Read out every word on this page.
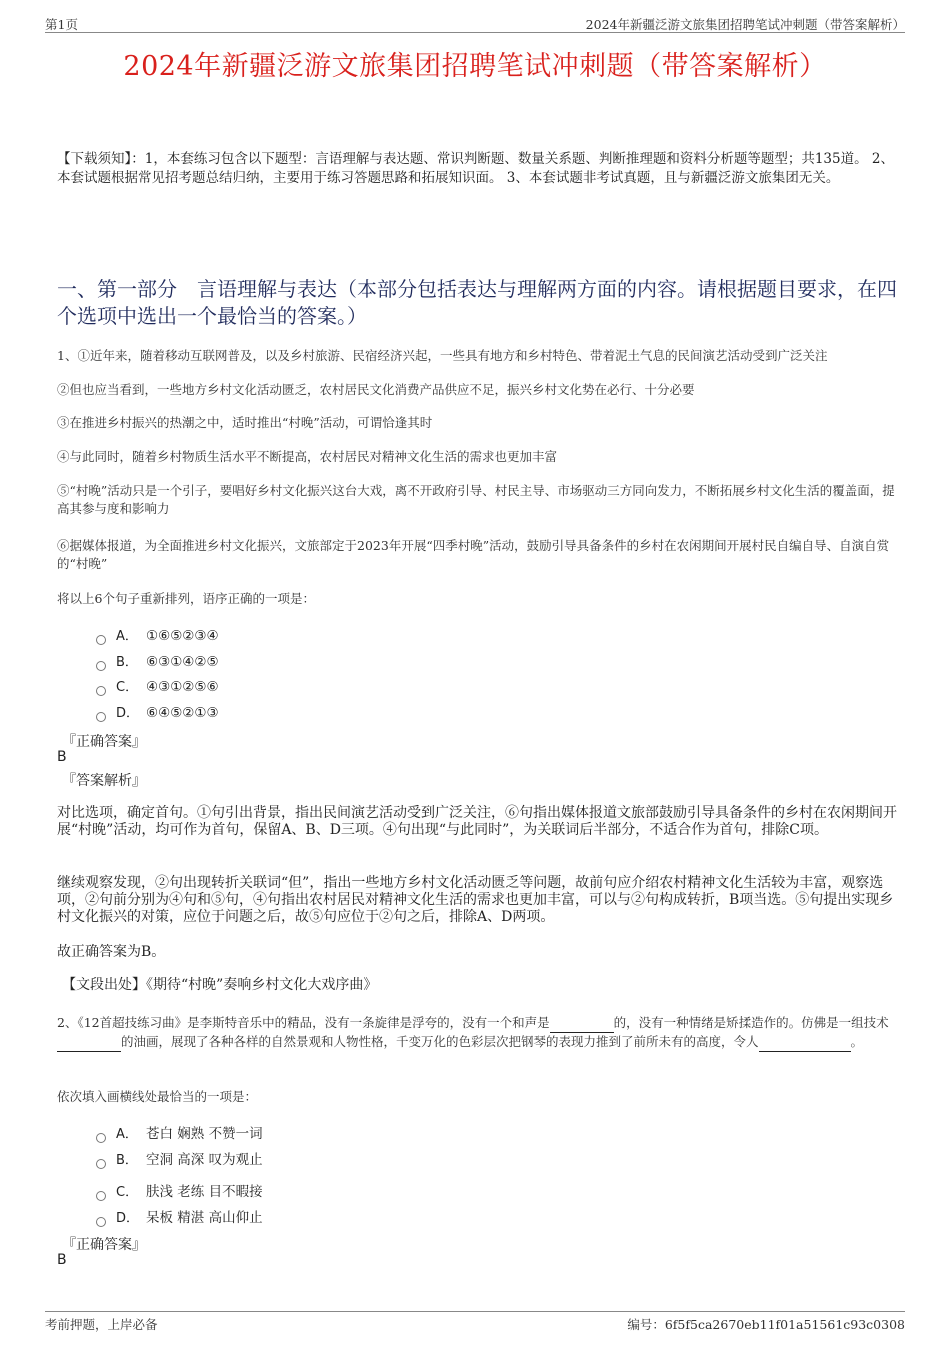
第1页	2024年新疆泛游文旅集团招聘笔试冲刺题（带答案解析）
2024年新疆泛游文旅集团招聘笔试冲刺题（带答案解析）
【下载须知】：1，本套练习包含以下题型：言语理解与表达题、常识判断题、数量关系题、判断推理题和资料分析题等题型；共135道。 2、本套试题根据常见招考题总结归纳，主要用于练习答题思路和拓展知识面。 3、本套试题非考试真题，且与新疆泛游文旅集团无关。
一、第一部分 言语理解与表达（本部分包括表达与理解两方面的内容。请根据题目要求，在四个选项中选出一个最恰当的答案。）
1、①近年来，随着移动互联网普及，以及乡村旅游、民宿经济兴起，一些具有地方和乡村特色、带着泥土气息的民间演艺活动受到广泛关注
②但也应当看到，一些地方乡村文化活动匮乏，农村居民文化消费产品供应不足，振兴乡村文化势在必行、十分必要
③在推进乡村振兴的热潮之中，适时推出“村晚”活动，可谓恰逢其时
④与此同时，随着乡村物质生活水平不断提高，农村居民对精神文化生活的需求也更加丰富
⑤“村晚”活动只是一个引子，要唱好乡村文化振兴这台大戏，离不开政府引导、村民主导、市场驱动三方同向发力，不断拓展乡村文化生活的覆盖面，提高其参与度和影响力
⑥据媒体报道，为全面推进乡村文化振兴，文旅部定于2023年开展“四季村晚”活动，鼓励引导具备条件的乡村在农闲期间开展村民自编自导、自演自赏的“村晚”
将以上6个句子重新排列，语序正确的一项是：
A． ①⑥⑤②③④
B． ⑥③①④②⑤
C． ④③①②⑤⑥
D． ⑥④⑤②①③
『正确答案』
B
『答案解析』
对比选项，确定首句。①句引出背景，指出民间演艺活动受到广泛关注，⑥句指出媒体报道文旅部鼓励引导具备条件的乡村在农闲期间开展“村晚”活动，均可作为首句，保留A、B、D三项。④句出现“与此同时”，为关联词后半部分，不适合作为首句，排除C项。
继续观察发现，②句出现转折关联词“但”，指出一些地方乡村文化活动匮乏等问题，故前句应介绍农村精神文化生活较为丰富，观察选项，②句前分别为④句和⑤句，④句指出农村居民对精神文化生活的需求也更加丰富，可以与②句构成转折，B项当选。⑤句提出实现乡村文化振兴的对策，应位于问题之后，故⑤句应位于②句之后，排除A、D两项。
故正确答案为B。
【文段出处】《期待“村晚”奏响乡村文化大戏序曲》
2、《12首超技练习曲》是李斯特音乐中的精品，没有一条旋律是浮夸的，没有一个和声是	的，没有一种情绪是矫揉造作的。仿佛是一组技术 的油画，展现了各种各样的自然景观和人物性格，千变万化的色彩层次把钢琴的表现力推到了前所未有的高度，令人	。
依次填入画横线处最恰当的一项是：
A． 苍白 娴熟 不赞一词
B． 空洞 高深 叹为观止
C． 肤浅 老练 目不暇接
D． 呆板 精湛 高山仰止
『正确答案』
B
考前押题，上岸必备	编号：6f5f5ca2670eb11f01a51561c93c0308
